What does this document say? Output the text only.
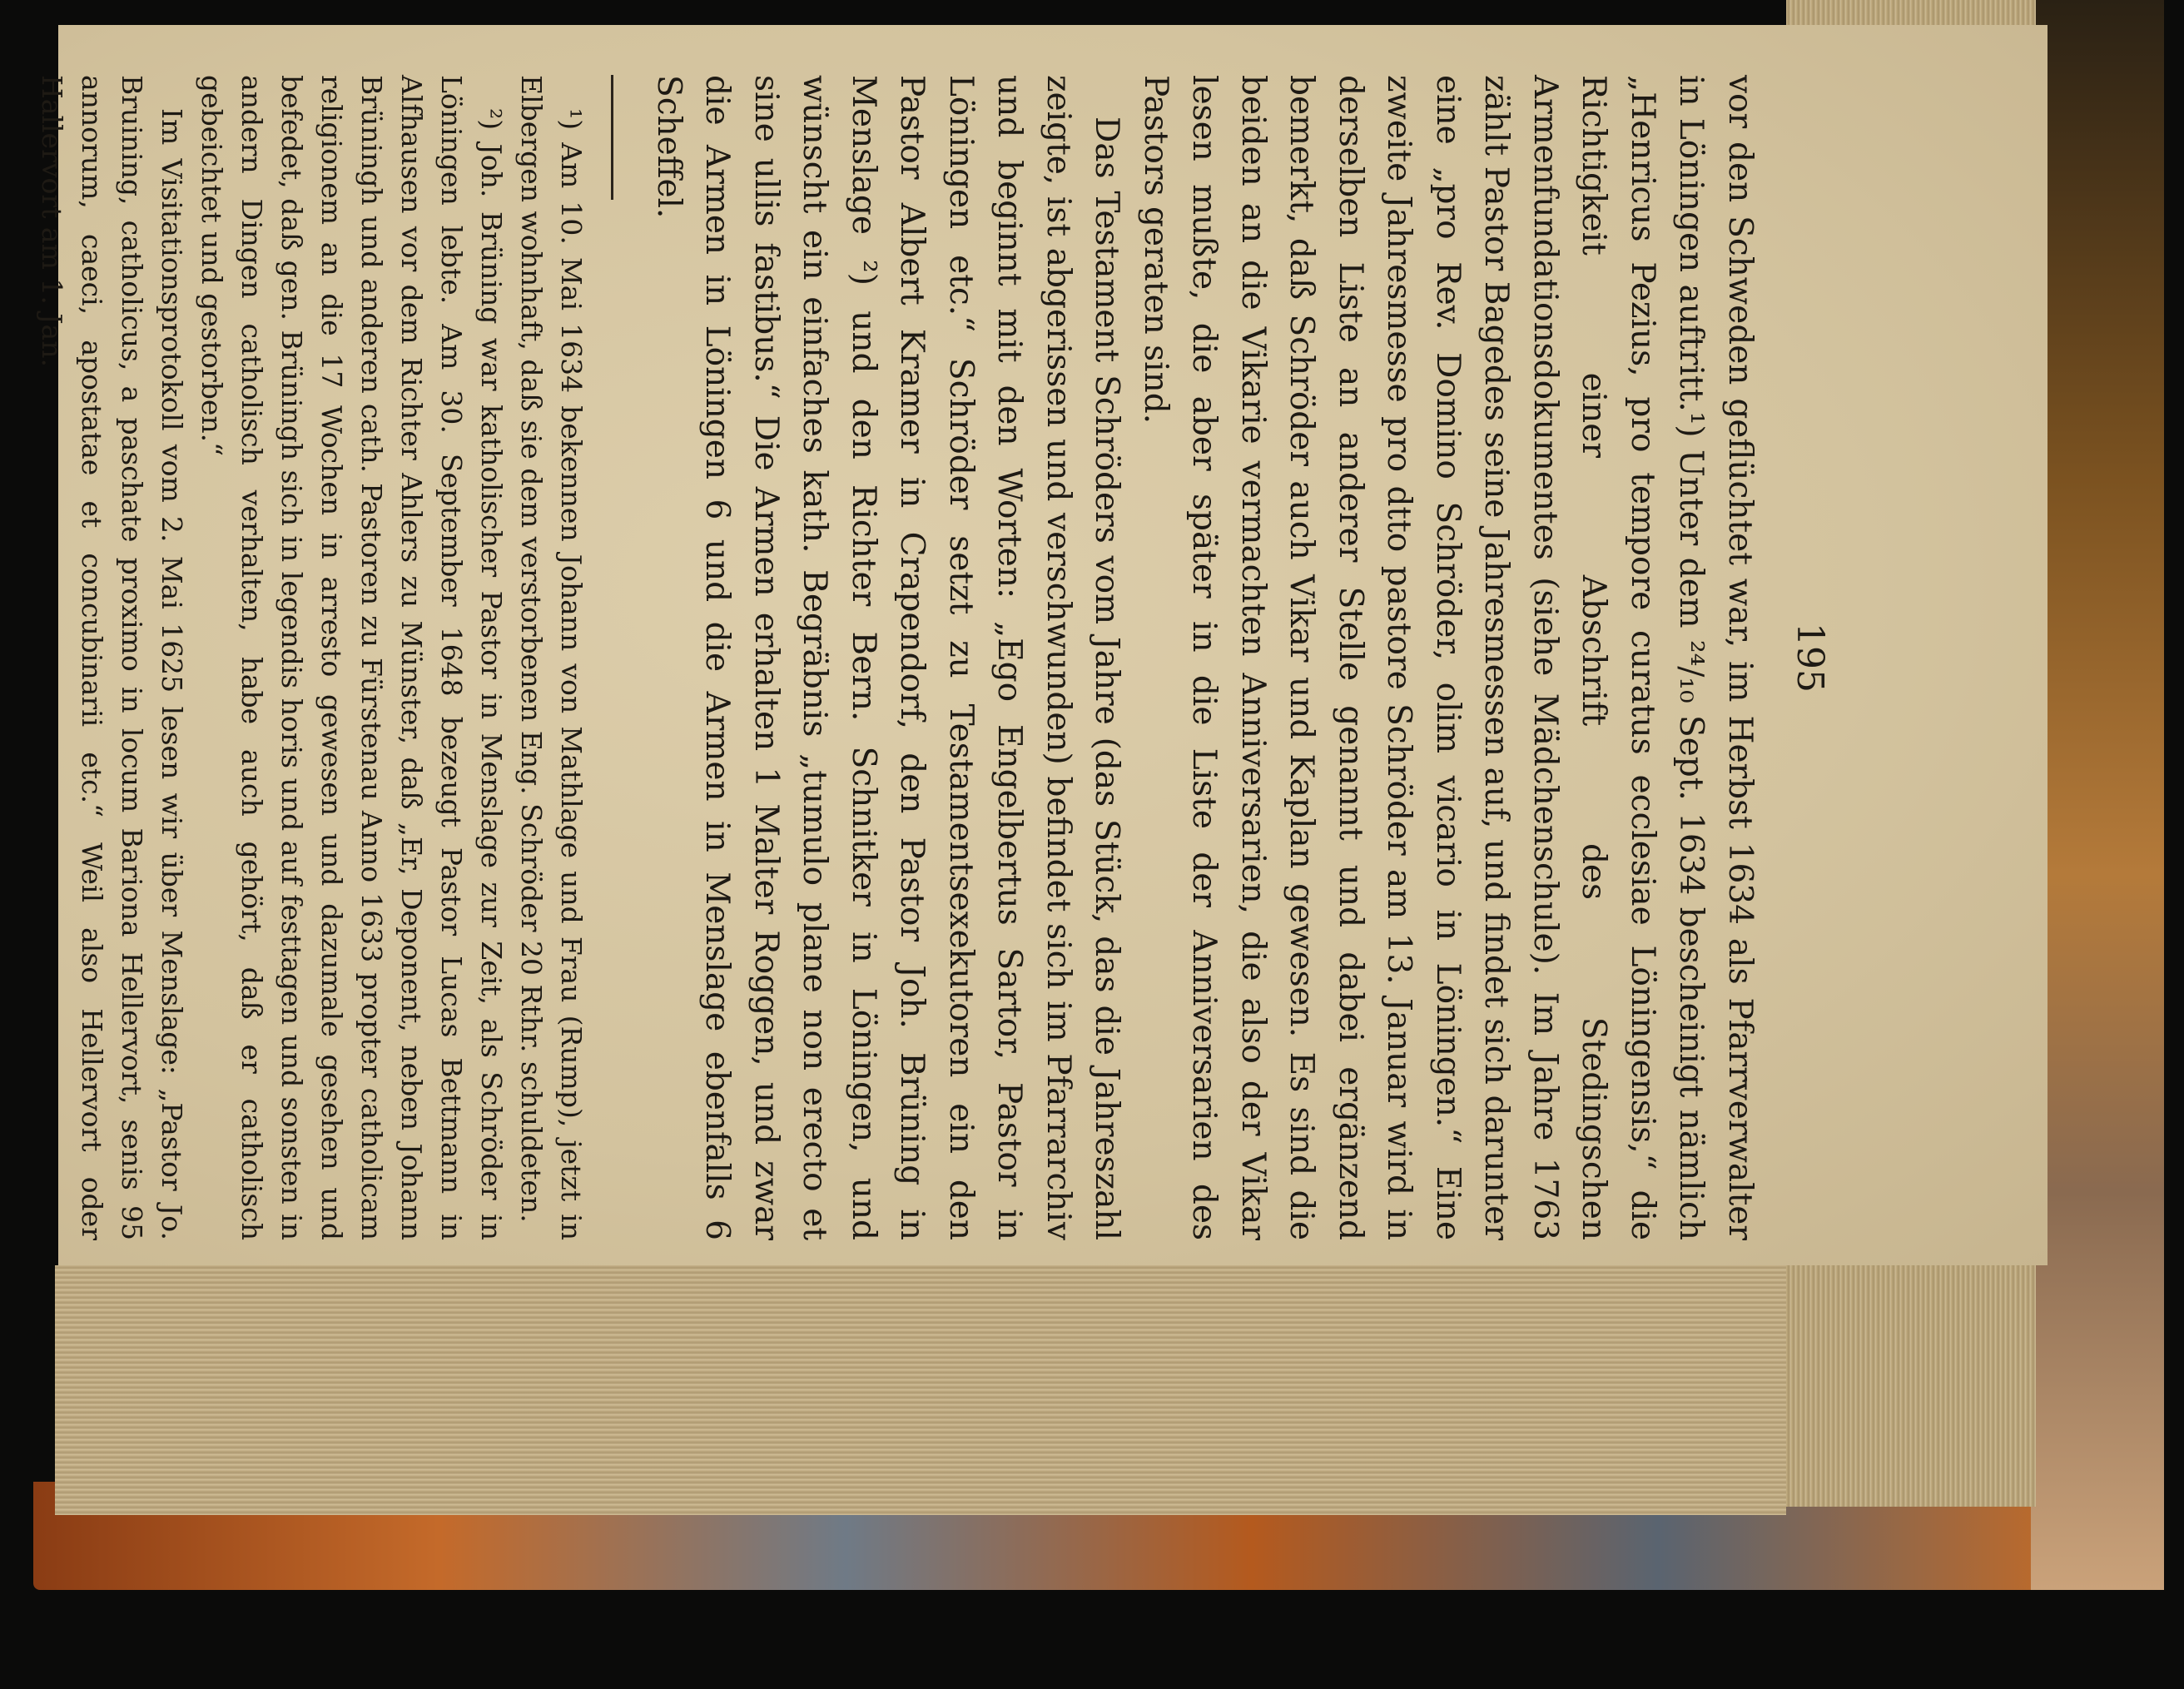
195

vor den Schweden geflüchtet war, im Herbst 1634 als Pfarrverwalter in Löningen auftritt.¹) Unter dem ²⁴/₁₀ Sept. 1634 bescheinigt nämlich „Henricus Pezius, pro tempore curatus ecclesiae Löningensis,“ die Richtigkeit einer Abschrift des Stedingschen Armenfundationsdokumentes (siehe Mädchenschule). Im Jahre 1763 zählt Pastor Bagedes seine Jahresmessen auf, und findet sich darunter eine „pro Rev. Domino Schröder, olim vicario in Löningen.“ Eine zweite Jahresmesse pro dtto pastore Schröder am 13. Januar wird in derselben Liste an anderer Stelle genannt und dabei ergänzend bemerkt, daß Schröder auch Vikar und Kaplan gewesen. Es sind die beiden an die Vikarie vermachten Anniversarien, die also der Vikar lesen mußte, die aber später in die Liste der Anniversarien des Pastors geraten sind.

Das Testament Schröders vom Jahre (das Stück, das die Jahreszahl zeigte, ist abgerissen und verschwunden) befindet sich im Pfarrarchiv und beginnt mit den Worten: „Ego Engelbertus Sartor, Pastor in Löningen etc.“ Schröder setzt zu Testamentsexekutoren ein den Pastor Albert Kramer in Crapendorf, den Pastor Joh. Brüning in Menslage ²) und den Richter Bern. Schnitker in Löningen, und wünscht ein einfaches kath. Begräbnis „tumulo plane non erecto et sine ullis fastibus.“ Die Armen erhalten 1 Malter Roggen, und zwar die Armen in Löningen 6 und die Armen in Menslage ebenfalls 6 Scheffel.

¹) Am 10. Mai 1634 bekennen Johann von Mathlage und Frau (Rump), jetzt in Elbergen wohnhaft, daß sie dem verstorbenen Eng. Schröder 20 Rthr. schuldeten.

²) Joh. Brüning war katholischer Pastor in Menslage zur Zeit, als Schröder in Löningen lebte. Am 30. September 1648 bezeugt Pastor Lucas Bettmann in Alfhausen vor dem Richter Ahlers zu Münster, daß „Er, Deponent, neben Johann Brüningh und anderen cath. Pastoren zu Fürstenau Anno 1633 propter catholicam religionem an die 17 Wochen in arresto gewesen und dazumale gesehen und befedet, daß gen. Brüningh sich in legendis horis und auf festtagen und sonsten in andern Dingen catholisch verhalten, habe auch gehört, daß er catholisch gebeichtet und gestorben.“

Im Visitationsprotokoll vom 2. Mai 1625 lesen wir über Menslage: „Pastor Jo. Bruining, catholicus, a paschate proximo in locum Bariona Hellervort, senis 95 annorum, caeci, apostatae et concubinarii etc.“ Weil also Hellervort oder Hallervort am 1. Jan.
